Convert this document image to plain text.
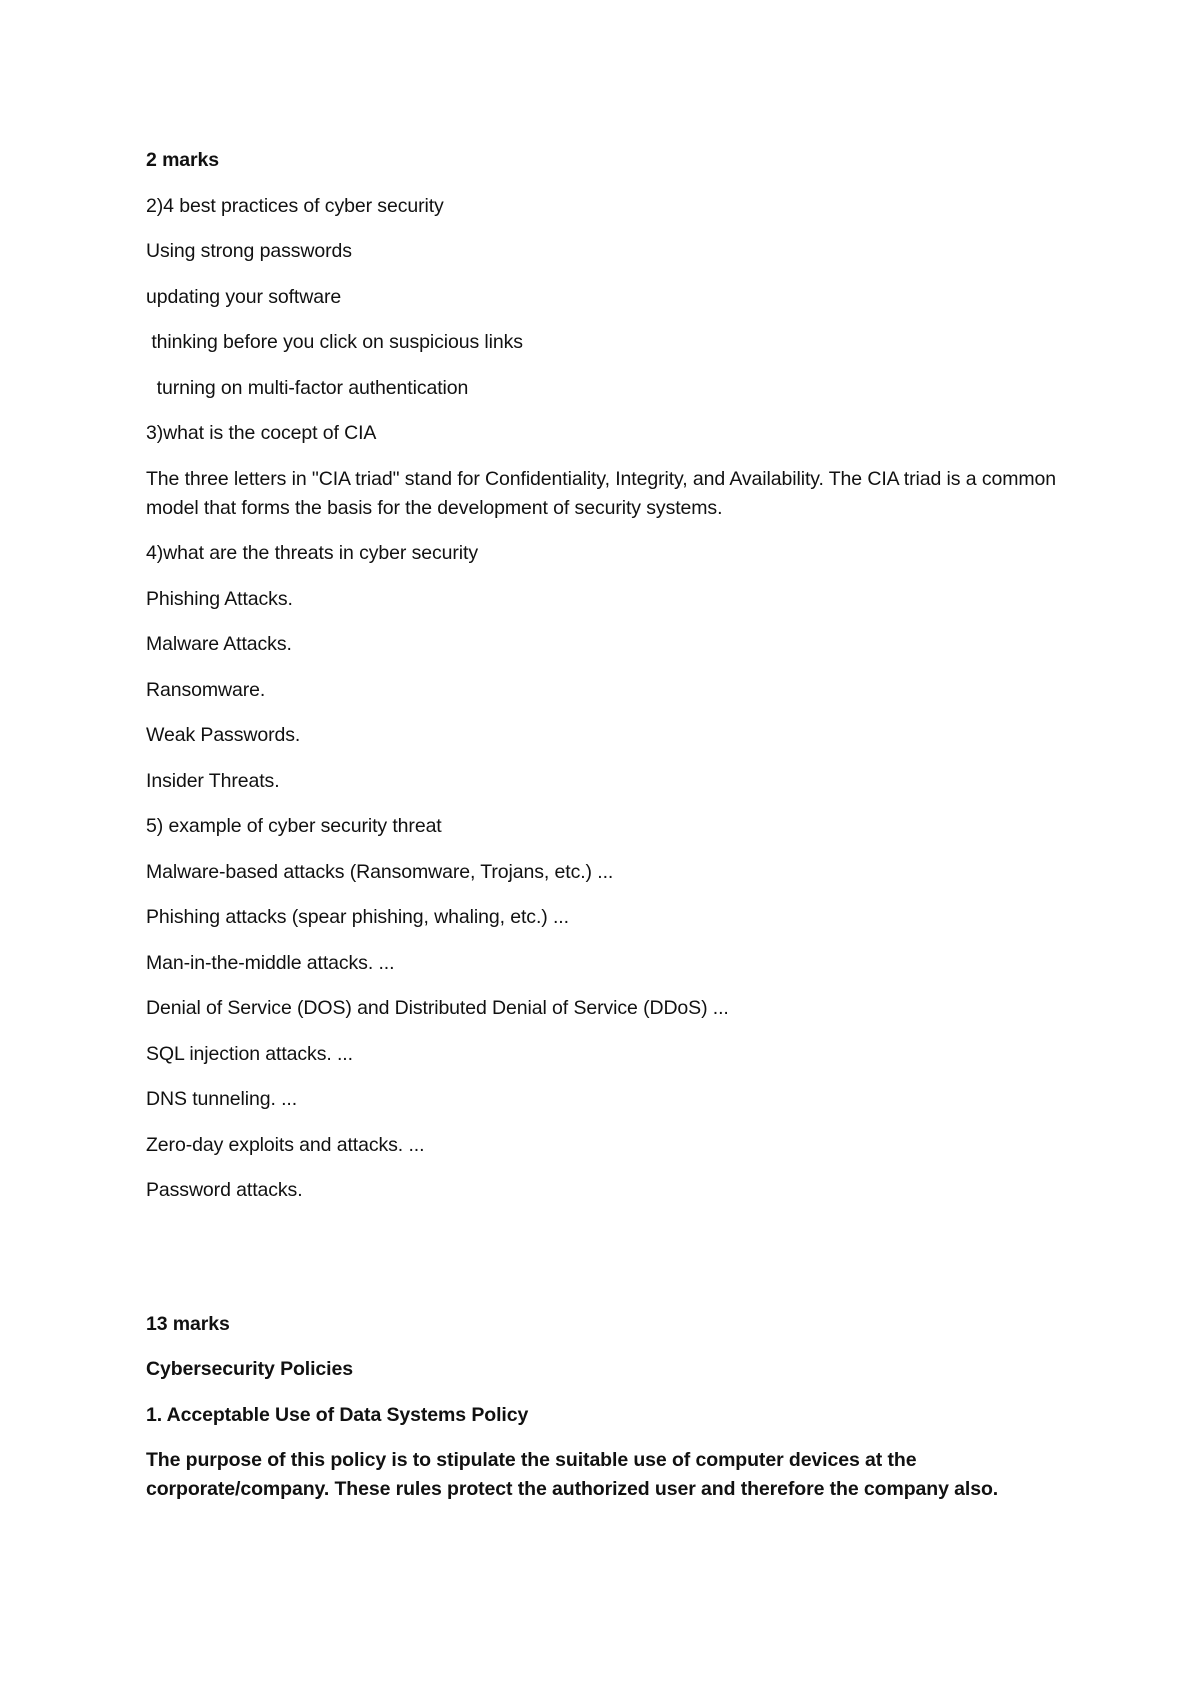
2 marks

2)4 best practices of cyber security

Using strong passwords

updating your software

thinking before you click on suspicious links

turning on multi-factor authentication

3)what is the cocept of CIA

The three letters in "CIA triad" stand for Confidentiality, Integrity, and Availability. The CIA triad is a common model that forms the basis for the development of security systems.

4)what are the threats in cyber security

Phishing Attacks.

Malware Attacks.

Ransomware.

Weak Passwords.

Insider Threats.

5) example of cyber security threat

Malware-based attacks (Ransomware, Trojans, etc.) ...

Phishing attacks (spear phishing, whaling, etc.) ...

Man-in-the-middle attacks. ...

Denial of Service (DOS) and Distributed Denial of Service (DDoS) ...

SQL injection attacks. ...

DNS tunneling. ...

Zero-day exploits and attacks. ...

Password attacks.

13 marks

Cybersecurity Policies

1. Acceptable Use of Data Systems Policy

The purpose of this policy is to stipulate the suitable use of computer devices at the corporate/company. These rules protect the authorized user and therefore the company also.
